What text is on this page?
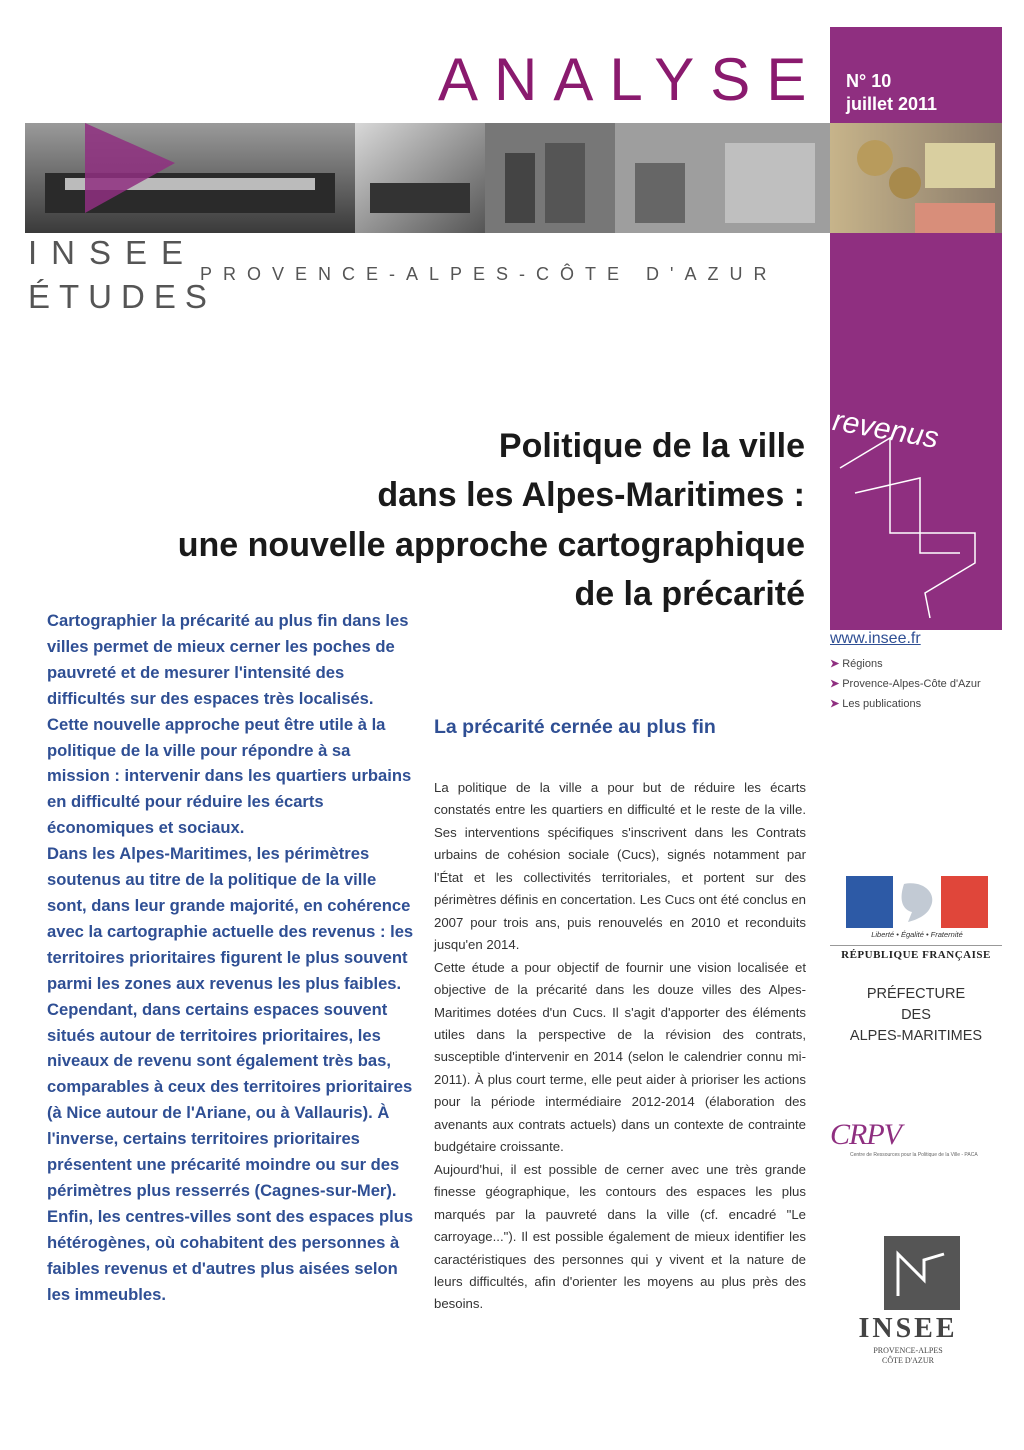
ANALYSE N° 10
juillet 2011
revenus
INSEE
ÉTUDES
PROVENCE-ALPES-CÔTE D'AZUR
Politique de la ville
dans les Alpes-Maritimes :
une nouvelle approche cartographique
de la précarité

Cartographier la précarité au plus fin dans les villes permet de mieux cerner les poches de pauvreté et de mesurer l'intensité des difficultés sur des espaces très localisés. Cette nouvelle approche peut être utile à la politique de la ville pour répondre à sa mission : intervenir dans les quartiers urbains en difficulté pour réduire les écarts économiques et sociaux.

Dans les Alpes-Maritimes, les périmètres soutenus au titre de la politique de la ville sont, dans leur grande majorité, en cohérence avec la cartographie actuelle des revenus : les territoires prioritaires figurent le plus souvent parmi les zones aux revenus les plus faibles. Cependant, dans certains espaces souvent situés autour de territoires prioritaires, les niveaux de revenu sont également très bas, comparables à ceux des territoires prioritaires (à Nice autour de l'Ariane, ou à Vallauris). À l'inverse, certains territoires prioritaires présentent une précarité moindre ou sur des périmètres plus resserrés (Cagnes-sur-Mer).

Enfin, les centres-villes sont des espaces plus hétérogènes, où cohabitent des personnes à faibles revenus et d'autres plus aisées selon les immeubles.

La précarité cernée au plus fin

La politique de la ville a pour but de réduire les écarts constatés entre les quartiers en difficulté et le reste de la ville. Ses interventions spécifiques s'inscrivent dans les Contrats urbains de cohésion sociale (Cucs), signés notamment par l'État et les collectivités territoriales, et portent sur des périmètres définis en concertation. Les Cucs ont été conclus en 2007 pour trois ans, puis renouvelés en 2010 et reconduits jusqu'en 2014.

Cette étude a pour objectif de fournir une vision localisée et objective de la précarité dans les douze villes des Alpes-Maritimes dotées d'un Cucs. Il s'agit d'apporter des éléments utiles dans la perspective de la révision des contrats, susceptible d'intervenir en 2014 (selon le calendrier connu mi-2011). À plus court terme, elle peut aider à prioriser les actions pour la période intermédiaire 2012-2014 (élaboration des avenants aux contrats actuels) dans un contexte de contrainte budgétaire croissante.

Aujourd'hui, il est possible de cerner avec une très grande finesse géographique, les contours des espaces les plus marqués par la pauvreté dans la ville (cf. encadré "Le carroyage..."). Il est possible également de mieux identifier les caractéristiques des personnes qui y vivent et la nature de leurs difficultés, afin d'orienter les moyens au plus près des besoins.

www.insee.fr
➤ Régions
➤ Provence-Alpes-Côte d'Azur
➤ Les publications
Liberté • Égalité • Fraternité
RÉPUBLIQUE FRANÇAISE
PRÉFECTURE
DES
ALPES-MARITIMES
CRPV
Centre de Ressources pour la Politique de la Ville - PACA
INSEE
PROVENCE-ALPES
CÔTE D'AZUR
